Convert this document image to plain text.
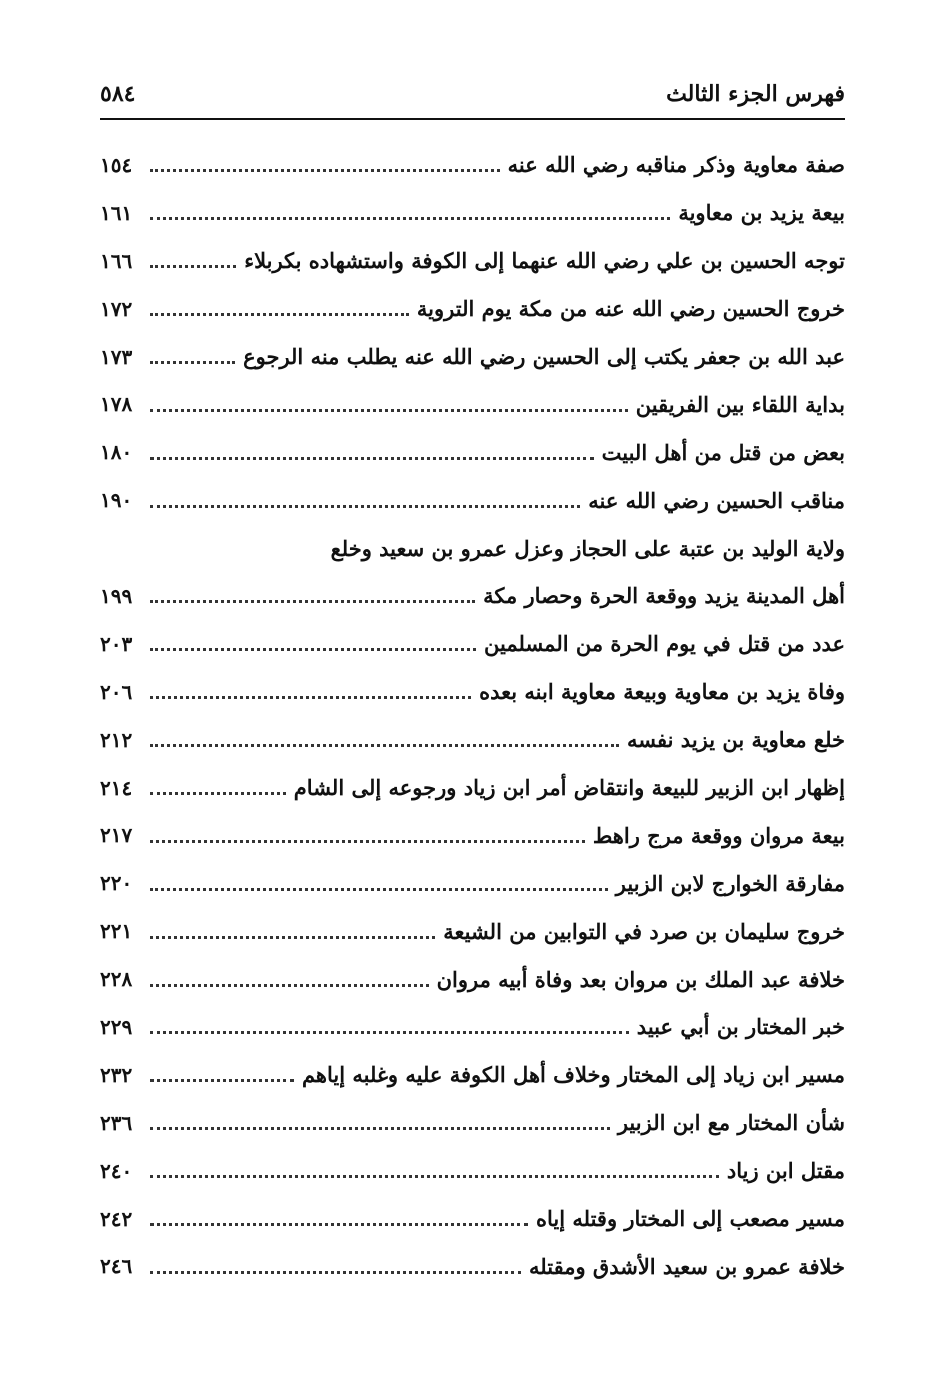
فهرس الجزء الثالث
٥٨٤
صفة معاوية وذكر مناقبه رضي الله عنه
١٥٤
بيعة يزيد بن معاوية
١٦١
توجه الحسين بن علي رضي الله عنهما إلى الكوفة واستشهاده بكربلاء
١٦٦
خروج الحسين رضي الله عنه من مكة يوم التروية
١٧٢
عبد الله بن جعفر يكتب إلى الحسين رضي الله عنه يطلب منه الرجوع
١٧٣
بداية اللقاء بين الفريقين
١٧٨
بعض من قتل من أهل البيت
١٨٠
مناقب الحسين رضي الله عنه
١٩٠
ولاية الوليد بن عتبة على الحجاز وعزل عمرو بن سعيد وخلع
أهل المدينة يزيد ووقعة الحرة وحصار مكة
١٩٩
عدد من قتل في يوم الحرة من المسلمين
٢٠٣
وفاة يزيد بن معاوية وبيعة معاوية ابنه بعده
٢٠٦
خلع معاوية بن يزيد نفسه
٢١٢
إظهار ابن الزبير للبيعة وانتقاض أمر ابن زياد ورجوعه إلى الشام
٢١٤
بيعة مروان ووقعة مرج راهط
٢١٧
مفارقة الخوارج لابن الزبير
٢٢٠
خروج سليمان بن صرد في التوابين من الشيعة
٢٢١
خلافة عبد الملك بن مروان بعد وفاة أبيه مروان
٢٢٨
خبر المختار بن أبي عبيد
٢٢٩
مسير ابن زياد إلى المختار وخلاف أهل الكوفة عليه وغلبه إياهم
٢٣٢
شأن المختار مع ابن الزبير
٢٣٦
مقتل ابن زياد
٢٤٠
مسير مصعب إلى المختار وقتله إياه
٢٤٢
خلافة عمرو بن سعيد الأشدق ومقتله
٢٤٦
